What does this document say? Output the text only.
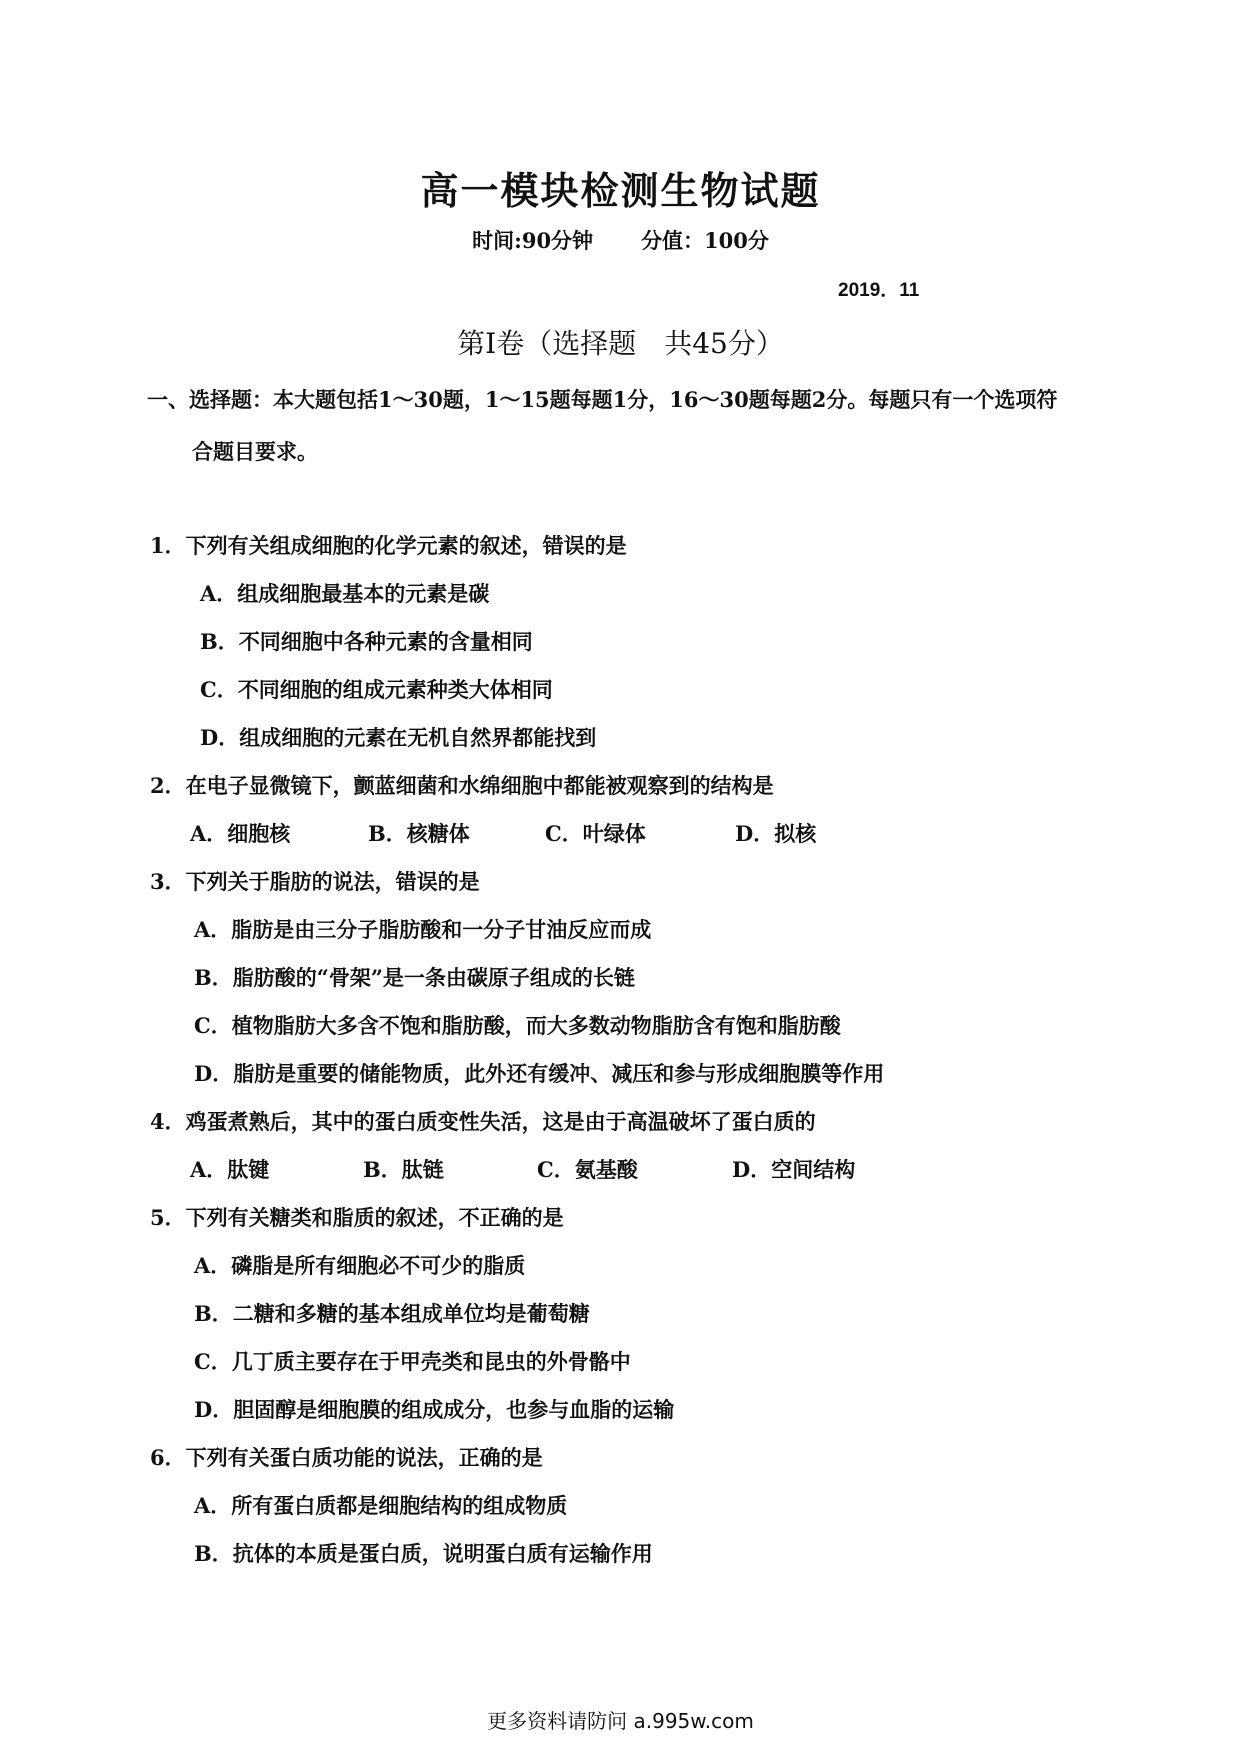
高一模块检测生物试题
时间:90分钟 分值：100分
2019．11
第Ⅰ卷（选择题　共45分）
一、选择题：本大题包括1～30题，1～15题每题1分，16～30题每题2分。每题只有一个选项符
合题目要求。
1．下列有关组成细胞的化学元素的叙述，错误的是
A．组成细胞最基本的元素是碳
B．不同细胞中各种元素的含量相同
C．不同细胞的组成元素种类大体相同
D．组成细胞的元素在无机自然界都能找到
2．在电子显微镜下，颤蓝细菌和水绵细胞中都能被观察到的结构是
A．细胞核	B．核糖体	C．叶绿体	D．拟核
3．下列关于脂肪的说法，错误的是
A．脂肪是由三分子脂肪酸和一分子甘油反应而成
B．脂肪酸的“骨架”是一条由碳原子组成的长链
C．植物脂肪大多含不饱和脂肪酸，而大多数动物脂肪含有饱和脂肪酸
D．脂肪是重要的储能物质，此外还有缓冲、减压和参与形成细胞膜等作用
4．鸡蛋煮熟后，其中的蛋白质变性失活，这是由于高温破坏了蛋白质的
A．肽键	B．肽链	C．氨基酸	D．空间结构
5．下列有关糖类和脂质的叙述，不正确的是
A．磷脂是所有细胞必不可少的脂质
B．二糖和多糖的基本组成单位均是葡萄糖
C．几丁质主要存在于甲壳类和昆虫的外骨骼中
D．胆固醇是细胞膜的组成成分，也参与血脂的运输
6．下列有关蛋白质功能的说法，正确的是
A．所有蛋白质都是细胞结构的组成物质
B．抗体的本质是蛋白质，说明蛋白质有运输作用
更多资料请防问 a.995w.com
